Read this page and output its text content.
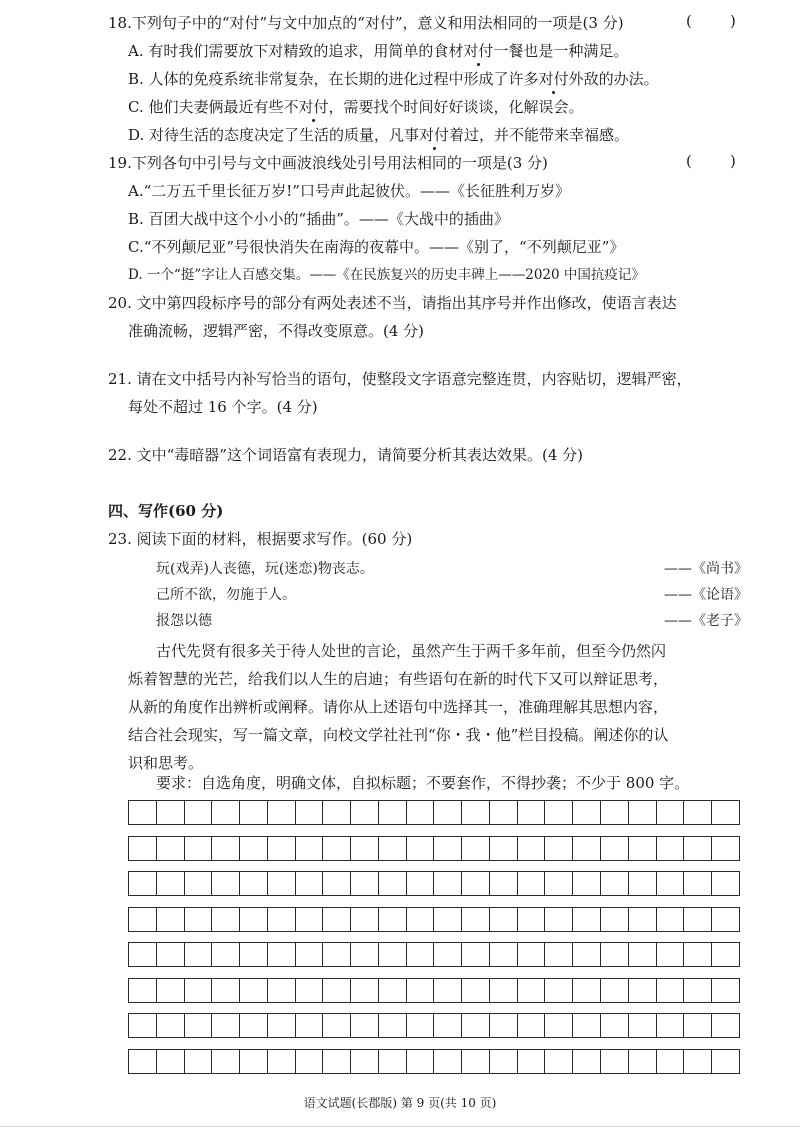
18.下列句子中的“对付”与文中加点的“对付”，意义和用法相同的一项是(3 分)	(        )
A. 有时我们需要放下对精致的追求，用简单的食材对付一餐也是一种满足。
B. 人体的免疫系统非常复杂，在长期的进化过程中形成了许多对付外敌的办法。
C. 他们夫妻俩最近有些不对付，需要找个时间好好谈谈，化解误会。
D. 对待生活的态度决定了生活的质量，凡事对付着过，并不能带来幸福感。
19.下列各句中引号与文中画波浪线处引号用法相同的一项是(3 分)	(        )
A.“二万五千里长征万岁!”口号声此起彼伏。——《长征胜利万岁》
B. 百团大战中这个小小的“插曲”。——《大战中的插曲》
C.“不列颠尼亚”号很快消失在南海的夜幕中。——《别了，“不列颠尼亚”》
D. 一个“挺”字让人百感交集。——《在民族复兴的历史丰碑上——2020 中国抗疫记》
20. 文中第四段标序号的部分有两处表述不当，请指出其序号并作出修改，使语言表达
准确流畅，逻辑严密，不得改变原意。(4 分)
21. 请在文中括号内补写恰当的语句，使整段文字语意完整连贯，内容贴切，逻辑严密，
每处不超过 16 个字。(4 分)
22. 文中“毒暗器”这个词语富有表现力，请简要分析其表达效果。(4 分)
四、写作(60 分)
23. 阅读下面的材料，根据要求写作。(60 分)
玩(戏弄)人丧德，玩(迷恋)物丧志。	——《尚书》
己所不欲，勿施于人。	——《论语》
报怨以德	——《老子》
古代先贤有很多关于待人处世的言论，虽然产生于两千多年前，但至今仍然闪
烁着智慧的光芒，给我们以人生的启迪；有些语句在新的时代下又可以辩证思考，
从新的角度作出辨析或阐释。请你从上述语句中选择其一，准确理解其思想内容，
结合社会现实，写一篇文章，向校文学社社刊“你・我・他”栏目投稿。阐述你的认
识和思考。
要求：自选角度，明确文体，自拟标题；不要套作，不得抄袭；不少于 800 字。
语文试题(长郡版) 第 9 页(共 10 页)
